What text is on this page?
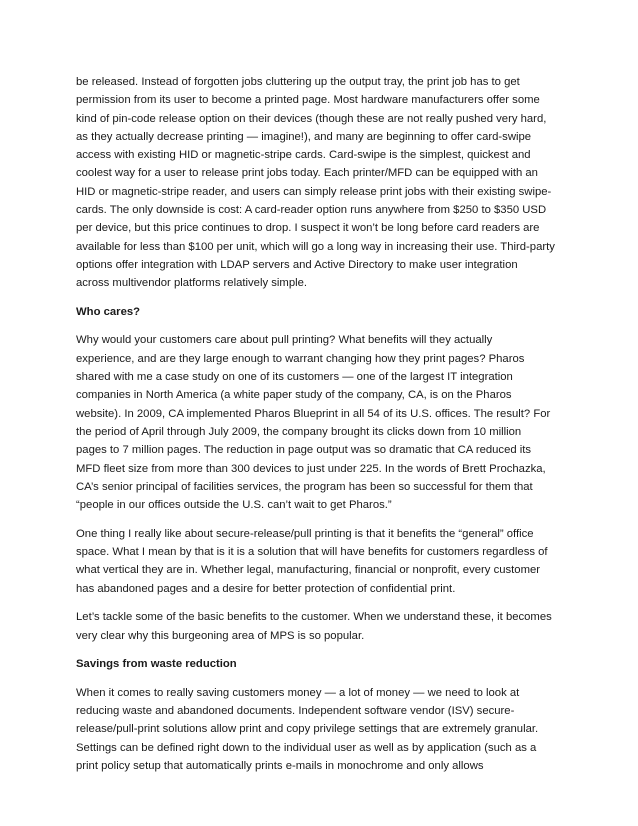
be released. Instead of forgotten jobs cluttering up the output tray, the print job has to get
permission from its user to become a printed page. Most hardware manufacturers offer some
kind of pin-code release option on their devices (though these are not really pushed very hard,
as they actually decrease printing — imagine!), and many are beginning to offer card-swipe
access with existing HID or magnetic-stripe cards. Card-swipe is the simplest, quickest and
coolest way for a user to release print jobs today. Each printer/MFD can be equipped with an
HID or magnetic-stripe reader, and users can simply release print jobs with their existing swipe-
cards. The only downside is cost: A card-reader option runs anywhere from $250 to $350 USD
per device, but this price continues to drop. I suspect it won’t be long before card readers are
available for less than $100 per unit, which will go a long way in increasing their use. Third-party
options offer integration with LDAP servers and Active Directory to make user integration
across multivendor platforms relatively simple.

Who cares?

Why would your customers care about pull printing? What benefits will they actually
experience, and are they large enough to warrant changing how they print pages? Pharos
shared with me a case study on one of its customers — one of the largest IT integration
companies in North America (a white paper study of the company, CA, is on the Pharos
website). In 2009, CA implemented Pharos Blueprint in all 54 of its U.S. offices. The result? For
the period of April through July 2009, the company brought its clicks down from 10 million
pages to 7 million pages. The reduction in page output was so dramatic that CA reduced its
MFD fleet size from more than 300 devices to just under 225. In the words of Brett Prochazka,
CA’s senior principal of facilities services, the program has been so successful for them that
“people in our offices outside the U.S. can’t wait to get Pharos.”

One thing I really like about secure-release/pull printing is that it benefits the “general” office
space. What I mean by that is it is a solution that will have benefits for customers regardless of
what vertical they are in. Whether legal, manufacturing, financial or nonprofit, every customer
has abandoned pages and a desire for better protection of confidential print.

Let’s tackle some of the basic benefits to the customer. When we understand these, it becomes
very clear why this burgeoning area of MPS is so popular.

Savings from waste reduction

When it comes to really saving customers money — a lot of money — we need to look at
reducing waste and abandoned documents. Independent software vendor (ISV) secure-
release/pull-print solutions allow print and copy privilege settings that are extremely granular.
Settings can be defined right down to the individual user as well as by application (such as a
print policy setup that automatically prints e-mails in monochrome and only allows
